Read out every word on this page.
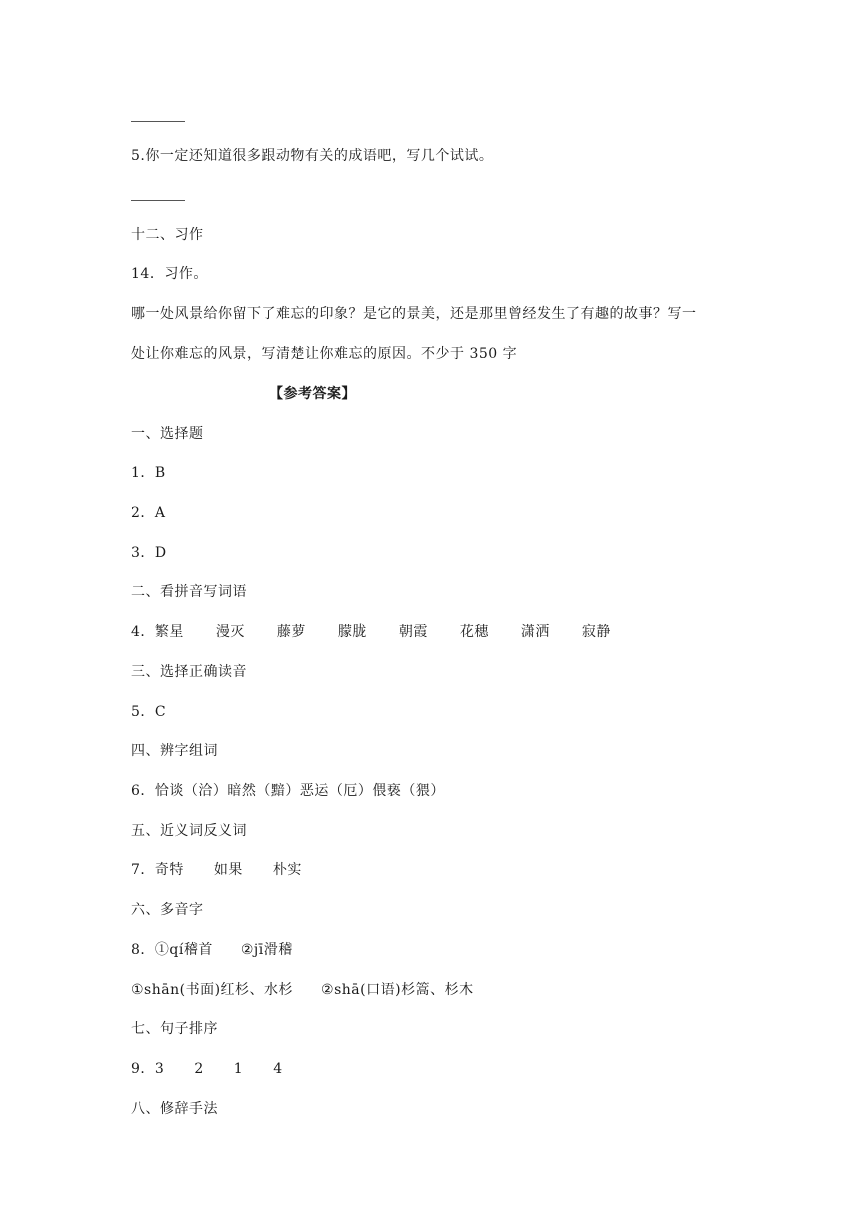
5.你一定还知道很多跟动物有关的成语吧，写几个试试。
十二、习作
14．习作。
哪一处风景给你留下了难忘的印象？是它的景美，还是那里曾经发生了有趣的故事？写一
处让你难忘的风景，写清楚让你难忘的原因。不少于 350 字
【参考答案】
一、选择题
1．B
2．A
3．D
二、看拼音写词语
4．繁星 漫灭 藤萝 朦胧 朝霞 花穗 潇洒 寂静
三、选择正确读音
5．C
四、辨字组词
6．恰谈（洽）暗然（黯）恶运（厄）偎亵（猥）
五、近义词反义词
7．奇特 如果 朴实
六、多音字
8．①qí稽首 ②jī滑稽
①shān(书面)红杉、水杉 ②shā(口语)杉篙、杉木
七、句子排序
9．3 2 1 4
八、修辞手法
